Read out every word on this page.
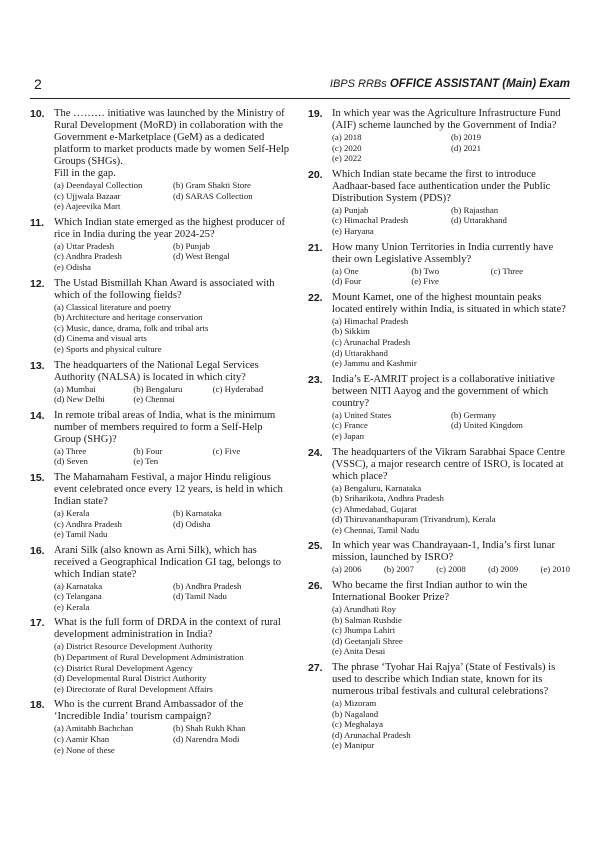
2	IBPS RRBs OFFICE ASSISTANT (Main) Exam
10. The ……… initiative was launched by the Ministry of Rural Development (MoRD) in collaboration with the Government e-Marketplace (GeM) as a dedicated platform to market products made by women Self-Help Groups (SHGs).
Fill in the gap.
(a) Deendayal Collection	(b) Gram Shakti Store
(c) Ujjwala Bazaar	(d) SARAS Collection
(e) Aajeevika Mart
11. Which Indian state emerged as the highest producer of rice in India during the year 2024-25?
(a) Uttar Pradesh	(b) Punjab
(c) Andhra Pradesh	(d) West Bengal
(e) Odisha
12. The Ustad Bismillah Khan Award is associated with which of the following fields?
(a) Classical literature and poetry
(b) Architecture and heritage conservation
(c) Music, dance, drama, folk and tribal arts
(d) Cinema and visual arts
(e) Sports and physical culture
13. The headquarters of the National Legal Services Authority (NALSA) is located in which city?
(a) Mumbai	(b) Bengaluru	(c) Hyderabad
(d) New Delhi	(e) Chennai
14. In remote tribal areas of India, what is the minimum number of members required to form a Self-Help Group (SHG)?
(a) Three	(b) Four	(c) Five
(d) Seven	(e) Ten
15. The Mahamaham Festival, a major Hindu religious event celebrated once every 12 years, is held in which Indian state?
(a) Kerala	(b) Karnataka
(c) Andhra Pradesh	(d) Odisha
(e) Tamil Nadu
16. Arani Silk (also known as Arni Silk), which has received a Geographical Indication GI tag, belongs to which Indian state?
(a) Karnataka	(b) Andhra Pradesh
(c) Telangana	(d) Tamil Nadu
(e) Kerala
17. What is the full form of DRDA in the context of rural development administration in India?
(a) District Resource Development Authority
(b) Department of Rural Development Administration
(c) District Rural Development Agency
(d) Developmental Rural District Authority
(e) Directorate of Rural Development Affairs
18. Who is the current Brand Ambassador of the ‘Incredible India’ tourism campaign?
(a) Amitabh Bachchan	(b) Shah Rukh Khan
(c) Aamir Khan	(d) Narendra Modi
(e) None of these
19. In which year was the Agriculture Infrastructure Fund (AIF) scheme launched by the Government of India?
(a) 2018	(b) 2019
(c) 2020	(d) 2021
(e) 2022
20. Which Indian state became the first to introduce Aadhaar-based face authentication under the Public Distribution System (PDS)?
(a) Punjab	(b) Rajasthan
(c) Himachal Pradesh	(d) Uttarakhand
(e) Haryana
21. How many Union Territories in India currently have their own Legislative Assembly?
(a) One	(b) Two	(c) Three
(d) Four	(e) Five
22. Mount Kamet, one of the highest mountain peaks located entirely within India, is situated in which state?
(a) Himachal Pradesh
(b) Sikkim
(c) Arunachal Pradesh
(d) Uttarakhand
(e) Jammu and Kashmir
23. India’s E-AMRIT project is a collaborative initiative between NITI Aayog and the government of which country?
(a) United States	(b) Germany
(c) France	(d) United Kingdom
(e) Japan
24. The headquarters of the Vikram Sarabhai Space Centre (VSSC), a major research centre of ISRO, is located at which place?
(a) Bengaluru, Karnataka
(b) Sriharikota, Andhra Pradesh
(c) Ahmedabad, Gujarat
(d) Thiruvananthapuram (Trivandrum), Kerala
(e) Chennai, Tamil Nadu
25. In which year was Chandrayaan-1, India’s first lunar mission, launched by ISRO?
(a) 2006	(b) 2007	(c) 2008	(d) 2009	(e) 2010
26. Who became the first Indian author to win the International Booker Prize?
(a) Arundhati Roy
(b) Salman Rushdie
(c) Jhumpa Lahiri
(d) Geetanjali Shree
(e) Anita Desai
27. The phrase ‘Tyohar Hai Rajya’ (State of Festivals) is used to describe which Indian state, known for its numerous tribal festivals and cultural celebrations?
(a) Mizoram
(b) Nagaland
(c) Meghalaya
(d) Arunachal Pradesh
(e) Manipur
